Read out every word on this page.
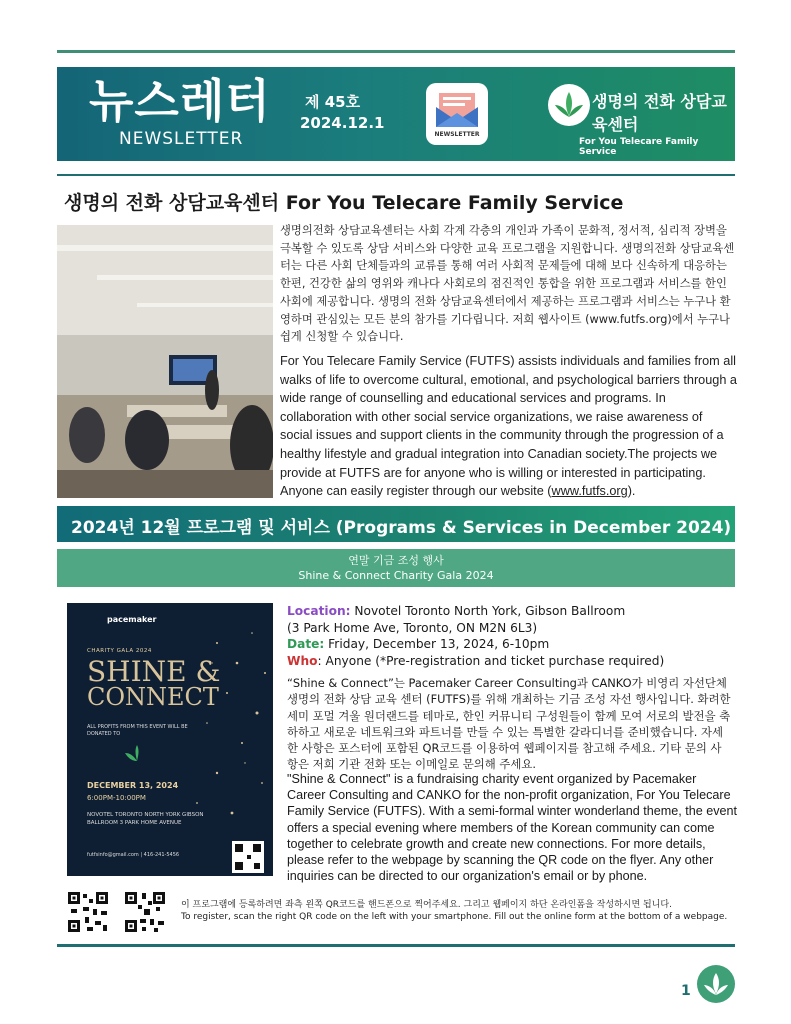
뉴스레터
NEWSLETTER
제 45호
2024.12.1
NEWSLETTER
생명의 전화 상담교육센터
For You Telecare Family Service
생명의 전화 상담교육센터 For You Telecare Family Service
생명의전화 상담교육센터는 사회 각계 각층의 개인과 가족이 문화적, 정서적, 심리적 장벽을 극복할 수 있도록 상담 서비스와 다양한 교육 프로그램을 지원합니다. 생명의전화 상담교육센터는 다른 사회 단체들과의 교류를 통해 여러 사회적 문제들에 대해 보다 신속하게 대응하는 한편, 건강한 삶의 영위와 캐나다 사회로의 점진적인 통합을 위한 프로그램과 서비스를 한인 사회에 제공합니다. 생명의 전화 상담교육센터에서 제공하는 프로그램과 서비스는 누구나 환영하며 관심있는 모든 분의 참가를 기다립니다. 저희 웹사이트 (www.futfs.org)에서 누구나 쉽게 신청할 수 있습니다.
For You Telecare Family Service (FUTFS) assists individuals and families from all walks of life to overcome cultural, emotional, and psychological barriers through a wide range of counselling and educational services and programs. In collaboration with other social service organizations, we raise awareness of social issues and support clients in the community through the progression of a healthy lifestyle and gradual integration into Canadian society.The projects we provide at FUTFS are for anyone who is willing or interested in participating. Anyone can easily register through our website (www.futfs.org).
2024년 12월 프로그램 및 서비스 (Programs & Services in December 2024)
연말 기금 조성 행사
Shine & Connect Charity Gala 2024
pacemaker
CHARITY GALA 2024
SHINE &
CONNECT
ALL PROFITS FROM THIS EVENT WILL BE DONATED TO
DECEMBER 13, 2024
6:00PM-10:00PM
NOVOTEL TORONTO NORTH YORK GIBSON BALLROOM 3 PARK HOME AVENUE
futfsinfo@gmail.com | 416-241-5456
Location: Novotel Toronto North York, Gibson Ballroom
(3 Park Home Ave, Toronto, ON M2N 6L3)
Date: Friday, December 13, 2024, 6-10pm
Who: Anyone (*Pre-registration and ticket purchase required)
“Shine & Connect”는 Pacemaker Career Consulting과 CANKO가 비영리 자선단체 생명의 전화 상담 교육 센터 (FUTFS)를 위해 개최하는 기금 조성 자선 행사입니다. 화려한 세미 포멀 겨울 원더랜드를 테마로, 한인 커뮤니티 구성원들이 함께 모여 서로의 발전을 축하하고 새로운 네트워크와 파트너를 만들 수 있는 특별한 갈라디너를 준비했습니다. 자세한 사항은 포스터에 포함된 QR코드를 이용하여 웹페이지를 참고해 주세요. 기타 문의 사항은 저희 기관 전화 또는 이메일로 문의해 주세요.
"Shine & Connect" is a fundraising charity event organized by Pacemaker Career Consulting and CANKO for the non-profit organization, For You Telecare Family Service (FUTFS). With a semi-formal winter wonderland theme, the event offers a special evening where members of the Korean community can come together to celebrate growth and create new connections. For more details, please refer to the webpage by scanning the QR code on the flyer. Any other inquiries can be directed to our organization's email or by phone.
이 프로그램에 등록하려면 좌측 왼쪽 QR코드를 핸드폰으로 찍어주세요. 그리고 웹페이지 하단 온라인폼을 작성하시면 됩니다.
To register, scan the right QR code on the left with your smartphone. Fill out the online form at the bottom of a webpage.
1
